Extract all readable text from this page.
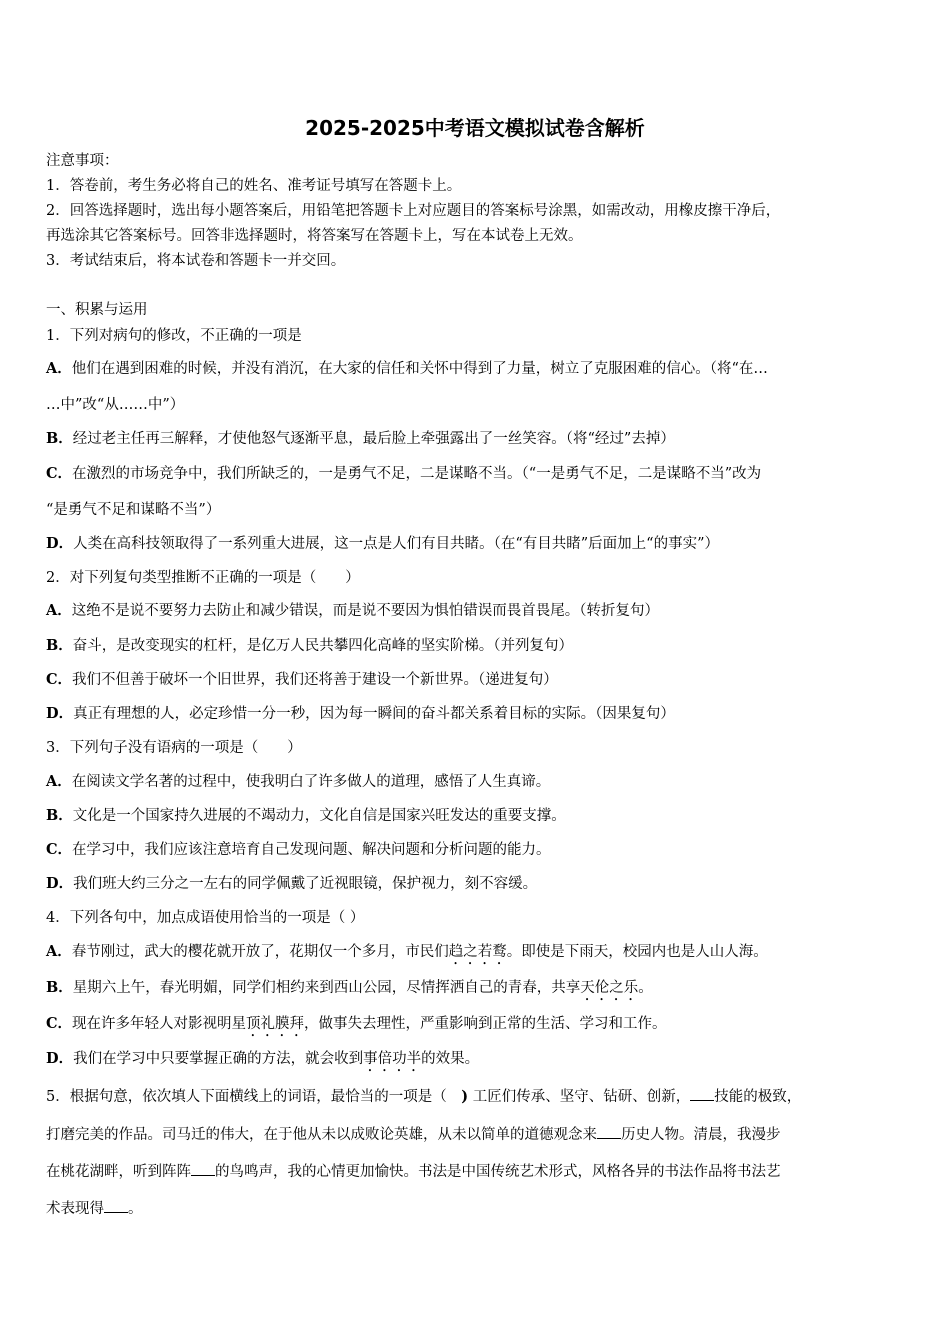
2025-2025中考语文模拟试卷含解析
注意事项：
1．答卷前，考生务必将自己的姓名、准考证号填写在答题卡上。
2．回答选择题时，选出每小题答案后，用铅笔把答题卡上对应题目的答案标号涂黑，如需改动，用橡皮擦干净后，
再选涂其它答案标号。回答非选择题时，将答案写在答题卡上，写在本试卷上无效。
3．考试结束后，将本试卷和答题卡一并交回。
一、积累与运用
1．下列对病句的修改，不正确的一项是
A．他们在遇到困难的时候，并没有消沉，在大家的信任和关怀中得到了力量，树立了克服困难的信心。（将“在…
…中”改“从……中”）
B．经过老主任再三解释，才使他怒气逐渐平息，最后脸上牵强露出了一丝笑容。（将“经过”去掉）
C．在激烈的市场竞争中，我们所缺乏的，一是勇气不足，二是谋略不当。（“一是勇气不足，二是谋略不当”改为
“是勇气不足和谋略不当”）
D．人类在高科技领取得了一系列重大进展，这一点是人们有目共睹。（在“有目共睹”后面加上“的事实”）
2．对下列复句类型推断不正确的一项是（　　）
A．这绝不是说不要努力去防止和减少错误，而是说不要因为惧怕错误而畏首畏尾。（转折复句）
B．奋斗，是改变现实的杠杆，是亿万人民共攀四化高峰的坚实阶梯。（并列复句）
C．我们不但善于破坏一个旧世界，我们还将善于建设一个新世界。（递进复句）
D．真正有理想的人，必定珍惜一分一秒，因为每一瞬间的奋斗都关系着目标的实际。（因果复句）
3．下列句子没有语病的一项是（　　）
A．在阅读文学名著的过程中，使我明白了许多做人的道理，感悟了人生真谛。
B．文化是一个国家持久进展的不竭动力，文化自信是国家兴旺发达的重要支撑。
C．在学习中，我们应该注意培育自己发现问题、解决问题和分析问题的能力。
D．我们班大约三分之一左右的同学佩戴了近视眼镜，保护视力，刻不容缓。
4．下列各句中，加点成语使用恰当的一项是（ ）
A．春节刚过，武大的樱花就开放了，花期仅一个多月，市民们趋之若鹜。即使是下雨天，校园内也是人山人海。
B．星期六上午，春光明媚，同学们相约来到西山公园，尽情挥洒自己的青春，共享天伦之乐。
C．现在许多年轻人对影视明星顶礼膜拜，做事失去理性，严重影响到正常的生活、学习和工作。
D．我们在学习中只要掌握正确的方法，就会收到事倍功半的效果。
5．根据句意，依次填人下面横线上的词语，最恰当的一项是（　) 工匠们传承、坚守、钻研、创新， 技能的极致，
打磨完美的作品。司马迁的伟大，在于他从未以成败论英雄，从未以简单的道德观念来 历史人物。清晨，我漫步
在桃花湖畔，听到阵阵 的鸟鸣声，我的心情更加愉快。书法是中国传统艺术形式，风格各异的书法作品将书法艺
术表现得 。
